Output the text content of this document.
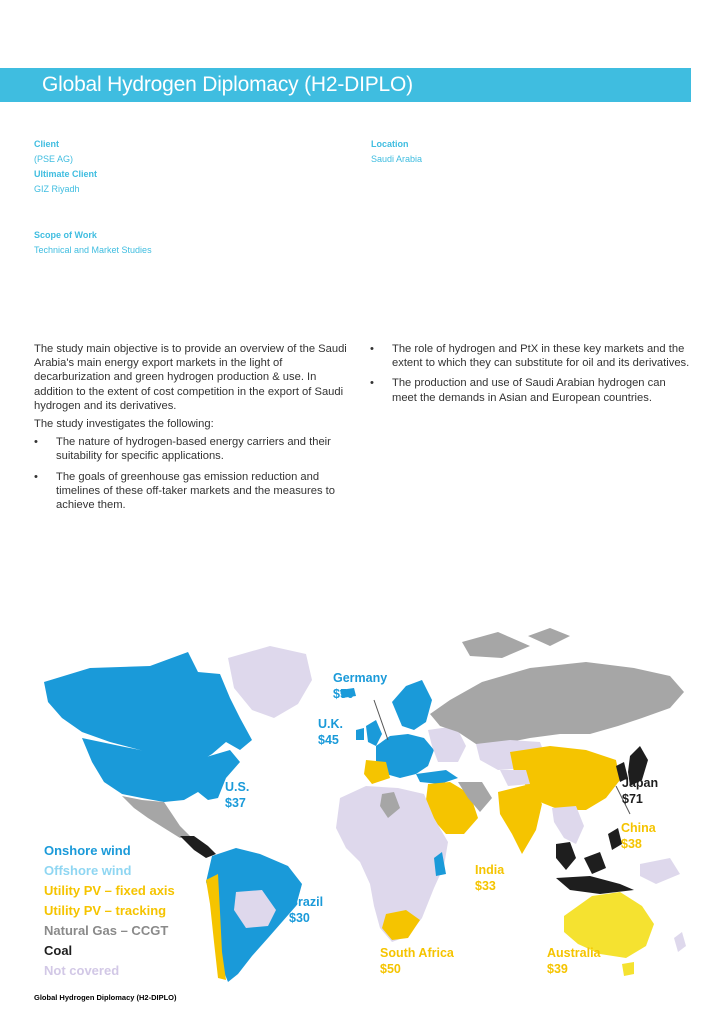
Global Hydrogen Diplomacy (H2-DIPLO)
Client
(PSE AG)
Ultimate Client
GIZ Riyadh
Scope of Work
Technical and Market Studies
Location
Saudi Arabia

The study main objective is to provide an overview of the Saudi Arabia's main energy export markets in the light of decarburization and green hydrogen production & use. In addition to the extent of cost competition in the export of Saudi hydrogen and its derivatives.

The study investigates the following:

• The nature of hydrogen-based energy carriers and their suitability for specific applications.
• The goals of greenhouse gas emission reduction and timelines of these off-taker markets and the measures to achieve them.
• The role of hydrogen and PtX in these key markets and the extent to which they can substitute for oil and its derivatives.
• The production and use of Saudi Arabian hydrogen can meet the demands in Asian and European countries.
Onshore wind
Offshore wind
Utility PV – fixed axis
Utility PV – tracking
Natural Gas – CCGT
Coal
Not covered
Germany
$50
U.K.
$45
U.S.
$37
Brazil
$30
Japan
$71
China
$38
India
$33
South Africa
$50
Australia
$39
Global Hydrogen Diplomacy (H2-DIPLO)
